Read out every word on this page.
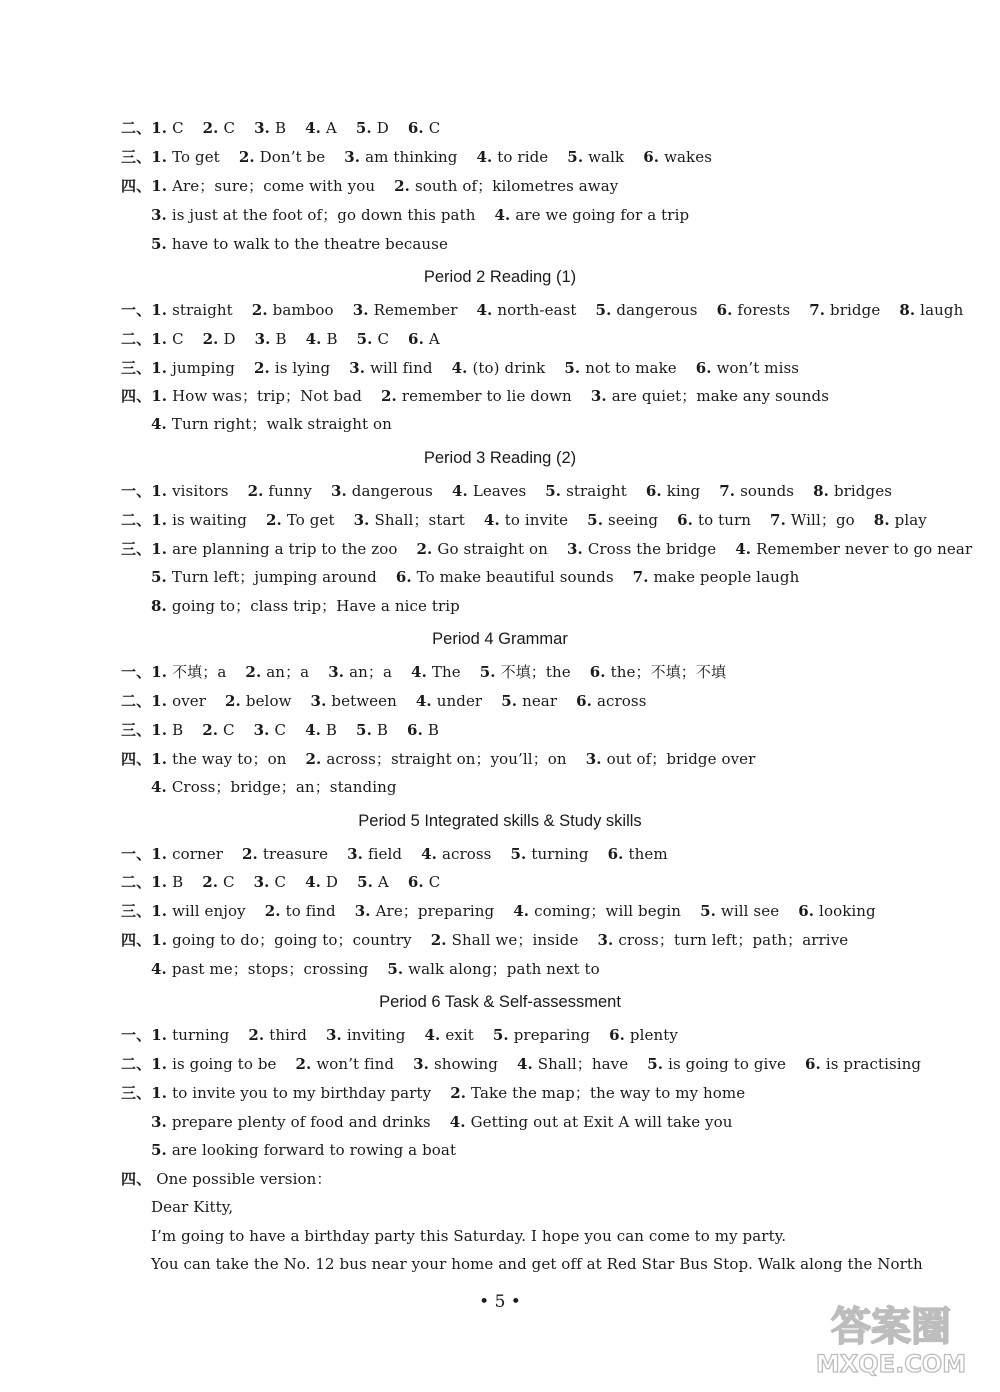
二、1. C 2. C 3. B 4. A 5. D 6. C
三、1. To get 2. Don’t be 3. am thinking 4. to ride 5. walk 6. wakes
四、1. Are；sure；come with you 2. south of；kilometres away
3. is just at the foot of；go down this path 4. are we going for a trip
5. have to walk to the theatre because
Period 2 Reading (1)
一、1. straight 2. bamboo 3. Remember 4. north-east 5. dangerous 6. forests 7. bridge 8. laugh
二、1. C 2. D 3. B 4. B 5. C 6. A
三、1. jumping 2. is lying 3. will find 4. (to) drink 5. not to make 6. won’t miss
四、1. How was；trip；Not bad 2. remember to lie down 3. are quiet；make any sounds
4. Turn right；walk straight on
Period 3 Reading (2)
一、1. visitors 2. funny 3. dangerous 4. Leaves 5. straight 6. king 7. sounds 8. bridges
二、1. is waiting 2. To get 3. Shall；start 4. to invite 5. seeing 6. to turn 7. Will；go 8. play
三、1. are planning a trip to the zoo 2. Go straight on 3. Cross the bridge 4. Remember never to go near
5. Turn left；jumping around 6. To make beautiful sounds 7. make people laugh
8. going to；class trip；Have a nice trip
Period 4 Grammar
一、1. 不填；a 2. an；a 3. an；a 4. The 5. 不填；the 6. the；不填；不填
二、1. over 2. below 3. between 4. under 5. near 6. across
三、1. B 2. C 3. C 4. B 5. B 6. B
四、1. the way to；on 2. across；straight on；you’ll；on 3. out of；bridge over
4. Cross；bridge；an；standing
Period 5 Integrated skills & Study skills
一、1. corner 2. treasure 3. field 4. across 5. turning 6. them
二、1. B 2. C 3. C 4. D 5. A 6. C
三、1. will enjoy 2. to find 3. Are；preparing 4. coming；will begin 5. will see 6. looking
四、1. going to do；going to；country 2. Shall we；inside 3. cross；turn left；path；arrive
4. past me；stops；crossing 5. walk along；path next to
Period 6 Task & Self-assessment
一、1. turning 2. third 3. inviting 4. exit 5. preparing 6. plenty
二、1. is going to be 2. won’t find 3. showing 4. Shall；have 5. is going to give 6. is practising
三、1. to invite you to my birthday party 2. Take the map；the way to my home
3. prepare plenty of food and drinks 4. Getting out at Exit A will take you
5. are looking forward to rowing a boat
四、 One possible version：
Dear Kitty,
I’m going to have a birthday party this Saturday. I hope you can come to my party.
You can take the No. 12 bus near your home and get off at Red Star Bus Stop. Walk along the North
• 5 •
答案圈
MXQE.COM
